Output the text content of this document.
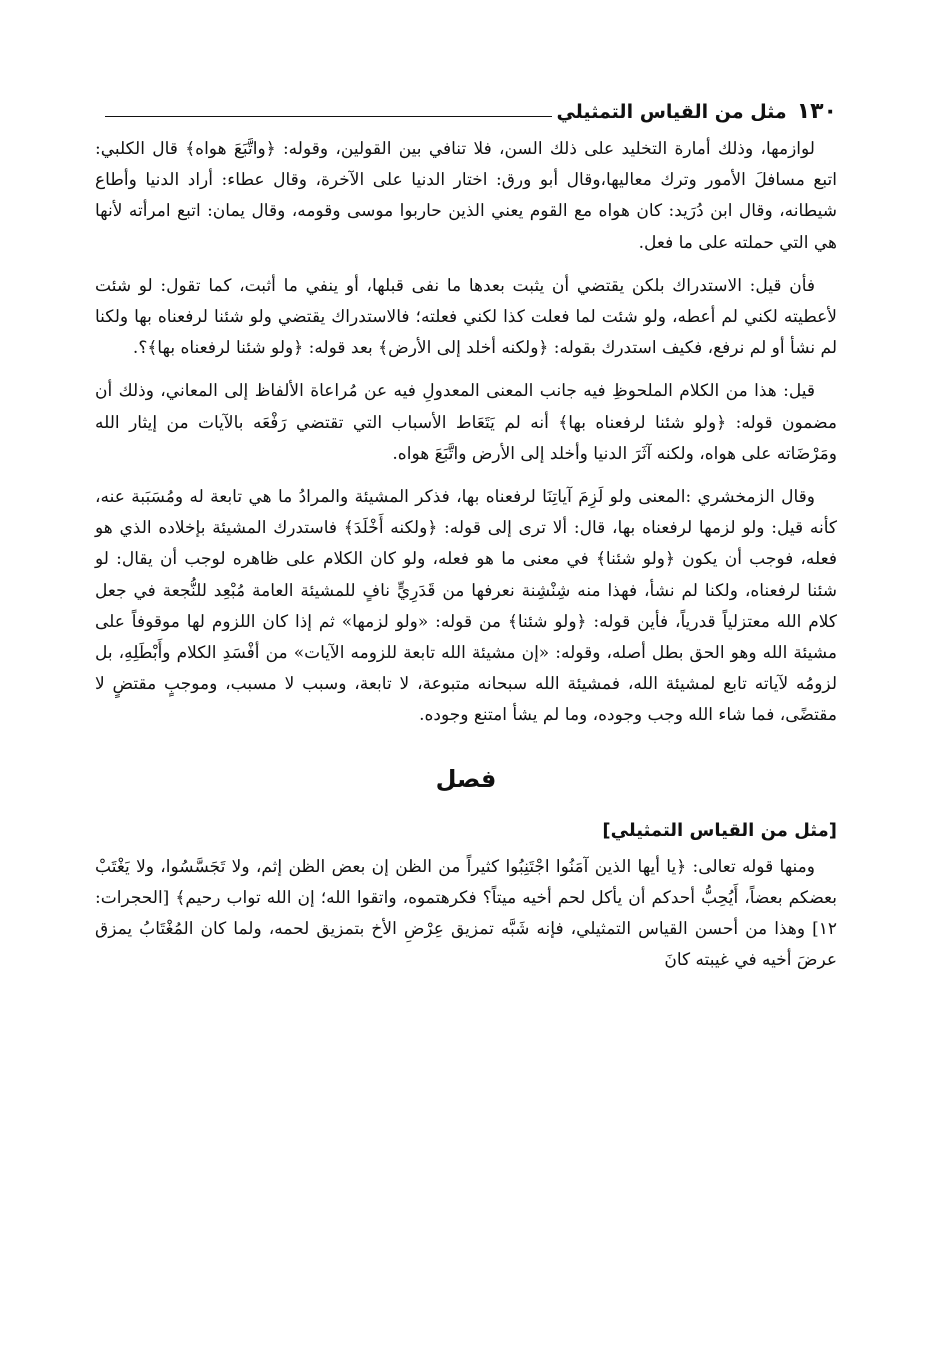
١٣٠
مثل من القياس التمثيلي

لوازمها، وذلك أمارة التخليد على ذلك السن، فلا تنافي بين القولين، وقوله: ﴿واتَّبَعَ هواه﴾ قال الكلبي: اتبع مسافلَ الأمور وترك معاليها،وقال أبو ورق: اختار الدنيا على الآخرة، وقال عطاء: أراد الدنيا وأطاع شيطانه، وقال ابن دُرَيد: كان هواه مع القوم يعني الذين حاربوا موسى وقومه، وقال يمان: اتبع امرأته لأنها هي التي حملته على ما فعل.

فأن قيل: الاستدراك بلكن يقتضي أن يثبت بعدها ما نفى قبلها، أو ينفي ما أثبت، كما تقول: لو شئت لأعطيته لكني لم أعطه، ولو شئت لما فعلت كذا لكني فعلته؛ فالاستدراك يقتضي ولو شئنا لرفعناه بها ولكنا لم نشأ أو لم نرفع، فكيف استدرك بقوله: ﴿ولكنه أخلد إلى الأرض﴾ بعد قوله: ﴿ولو شئنا لرفعناه بها﴾؟.

قيل: هذا من الكلام الملحوظِ فيه جانب المعنى المعدولِ فيه عن مُراعاة الألفاظ إلى المعاني، وذلك أن مضمون قوله: ﴿ولو شئنا لرفعناه بها﴾ أنه لم يَتَعَاط الأسباب التي تقتضي رَفْعَه بالآيات من إيثار الله ومَرْضَاته على هواه، ولكنه آثَرَ الدنيا وأخلد إلى الأرض واتَّبَعَ هواه.

وقال الزمخشري :المعنى ولو لَزِمَ آياتِنَا لرفعناه بها، فذكر المشيئة والمرادُ ما هي تابعة له ومُسَبَبة عنه، كأنه قيل: ولو لزمها لرفعناه بها، قال: ألا ترى إلى قوله: ﴿ولكنه أَخْلَدَ﴾ فاستدرك المشيئة بإخلاده الذي هو فعله، فوجب أن يكون ﴿ولو شئنا﴾ في معنى ما هو فعله، ولو كان الكلام على ظاهره لوجب أن يقال: لو شئنا لرفعناه، ولكنا لم نشأ، فهذا منه شِنْشِنة نعرفها من قَدَرِيٍّ نافٍ للمشيئة العامة مُبْعِد للنُّجعة في جعل كلام الله معتزلياً قدرياً، فأين قوله: ﴿ولو شئنا﴾ من قوله: «ولو لزمها» ثم إذا كان اللزوم لها موقوفاً على مشيئة الله وهو الحق بطل أصله، وقوله: «إن مشيئة الله تابعة للزومه الآيات» من أفْسَدِ الكلام وأَبْطَلِهِ، بل لزومُه لآياته تابع لمشيئة الله، فمشيئة الله سبحانه متبوعة، لا تابعة، وسبب لا مسبب، وموجبٍ مقتضٍ لا مقتضًى، فما شاء الله وجب وجوده، وما لم يشأ امتنع وجوده.

فصل
[مثل من القياس التمثيلي]

ومنها قوله تعالى: ﴿يا أيها الذين آمَنُوا اجْتَنِبُوا كثيراً من الظن إن بعض الظن إثم، ولا تَجَسَّسُوا، ولا يَغْتَبْ بعضكم بعضاً، أَيُحِبُّ أحدكم أن يأكل لحم أخيه ميتاً؟ فكرهتموه، واتقوا الله؛ إن الله تواب رحيم﴾ [الحجرات: ١٢] وهذا من أحسن القياس التمثيلي، فإنه شَبَّه تمزيق عِرْضِ الأخ بتمزيق لحمه، ولما كان المُغْتَابُ يمزق عرضَ أخيه في غيبته كانَ
